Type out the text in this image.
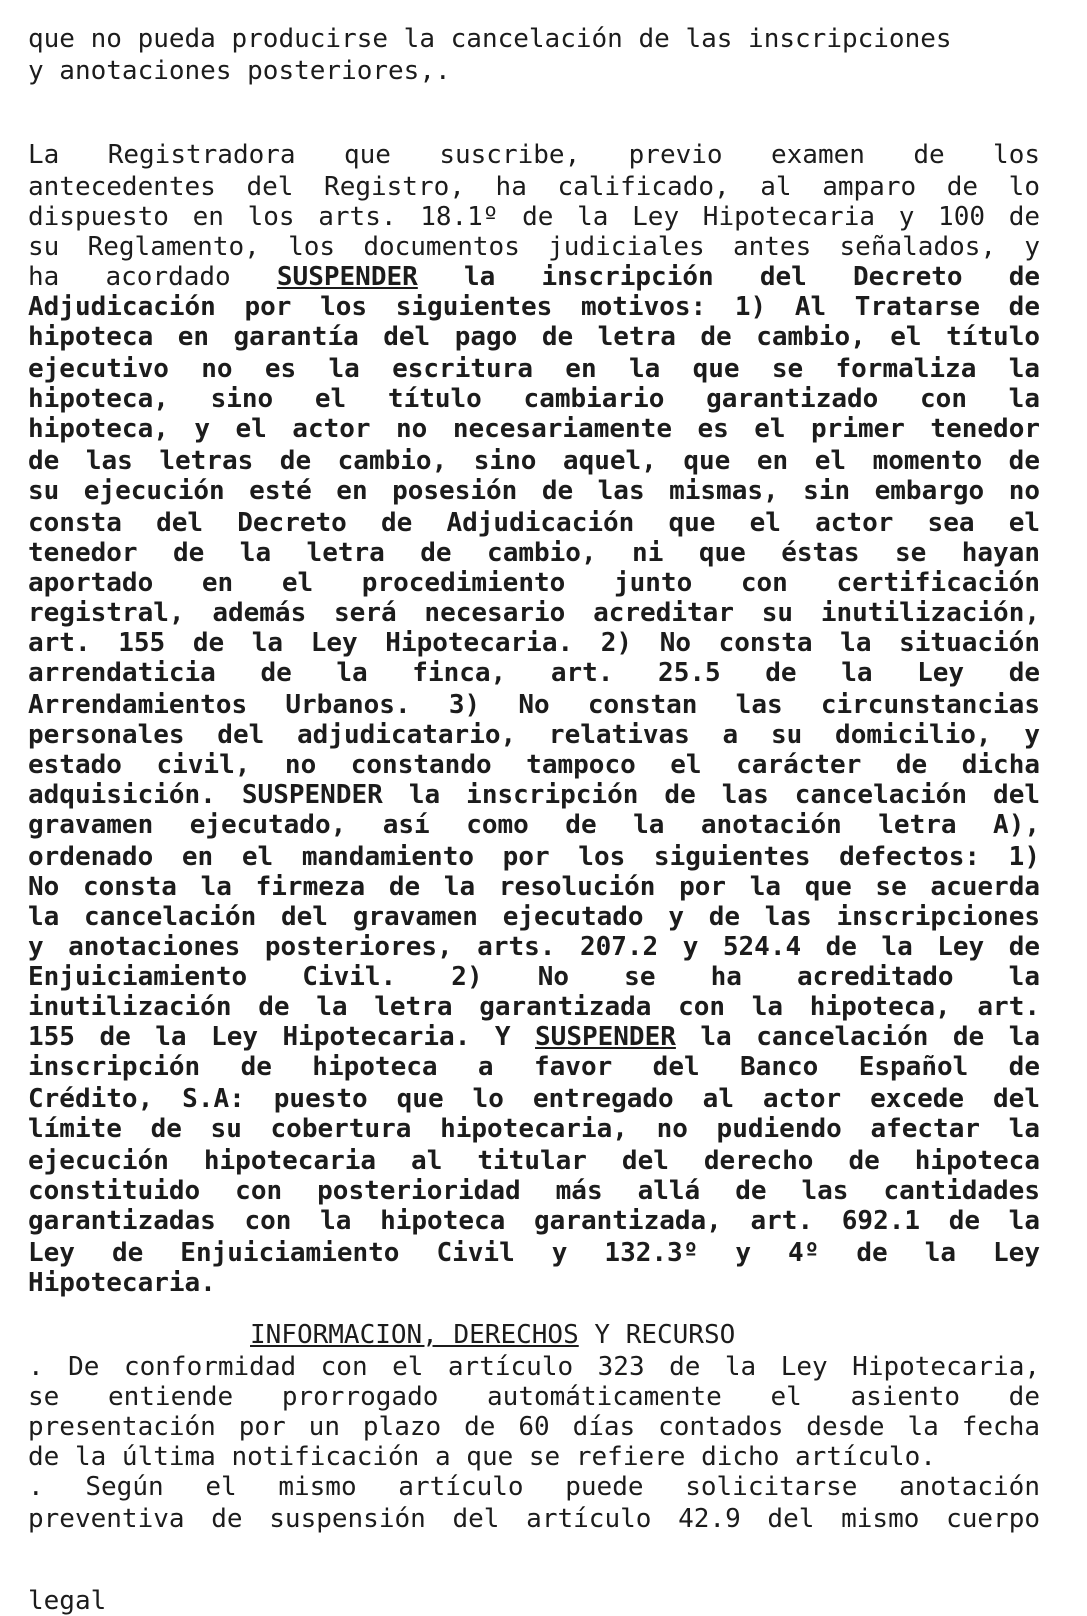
que no pueda producirse la cancelación de las inscripciones
y anotaciones posteriores,.
La Registradora que suscribe, previo examen de los
antecedentes del Registro, ha calificado, al amparo de lo
dispuesto en los arts. 18.1º de la Ley Hipotecaria y 100 de
su Reglamento, los documentos judiciales antes señalados, y
ha acordado SUSPENDER la inscripción del Decreto de
Adjudicación por los siguientes motivos: 1) Al Tratarse de
hipoteca en garantía del pago de letra de cambio, el título
ejecutivo no es la escritura en la que se formaliza la
hipoteca, sino el título cambiario garantizado con la
hipoteca, y el actor no necesariamente es el primer tenedor
de las letras de cambio, sino aquel, que en el momento de
su ejecución esté en posesión de las mismas, sin embargo no
consta del Decreto de Adjudicación que el actor sea el
tenedor de la letra de cambio, ni que éstas se hayan
aportado en el procedimiento junto con certificación
registral, además será necesario acreditar su inutilización,
art. 155 de la Ley Hipotecaria. 2) No consta la situación
arrendaticia de la finca, art. 25.5 de la Ley de
Arrendamientos Urbanos. 3) No constan las circunstancias
personales del adjudicatario, relativas a su domicilio, y
estado civil, no constando tampoco el carácter de dicha
adquisición. SUSPENDER la inscripción de las cancelación del
gravamen ejecutado, así como de la anotación letra A),
ordenado en el mandamiento por los siguientes defectos: 1)
No consta la firmeza de la resolución por la que se acuerda
la cancelación del gravamen ejecutado y de las inscripciones
y anotaciones posteriores, arts. 207.2 y 524.4 de la Ley de
Enjuiciamiento Civil. 2) No se ha acreditado la
inutilización de la letra garantizada con la hipoteca, art.
155 de la Ley Hipotecaria. Y SUSPENDER la cancelación de la
inscripción de hipoteca a favor del Banco Español de
Crédito, S.A: puesto que lo entregado al actor excede del
límite de su cobertura hipotecaria, no pudiendo afectar la
ejecución hipotecaria al titular del derecho de hipoteca
constituido con posterioridad más allá de las cantidades
garantizadas con la hipoteca garantizada, art. 692.1 de la
Ley de Enjuiciamiento Civil y 132.3º y 4º de la Ley
Hipotecaria.
INFORMACION, DERECHOS Y RECURSO
. De conformidad con el artículo 323 de la Ley Hipotecaria,
se entiende prorrogado automáticamente el asiento de
presentación por un plazo de 60 días contados desde la fecha
de la última notificación a que se refiere dicho artículo.
. Según el mismo artículo puede solicitarse anotación
preventiva de suspensión del artículo 42.9 del mismo cuerpo
legal
